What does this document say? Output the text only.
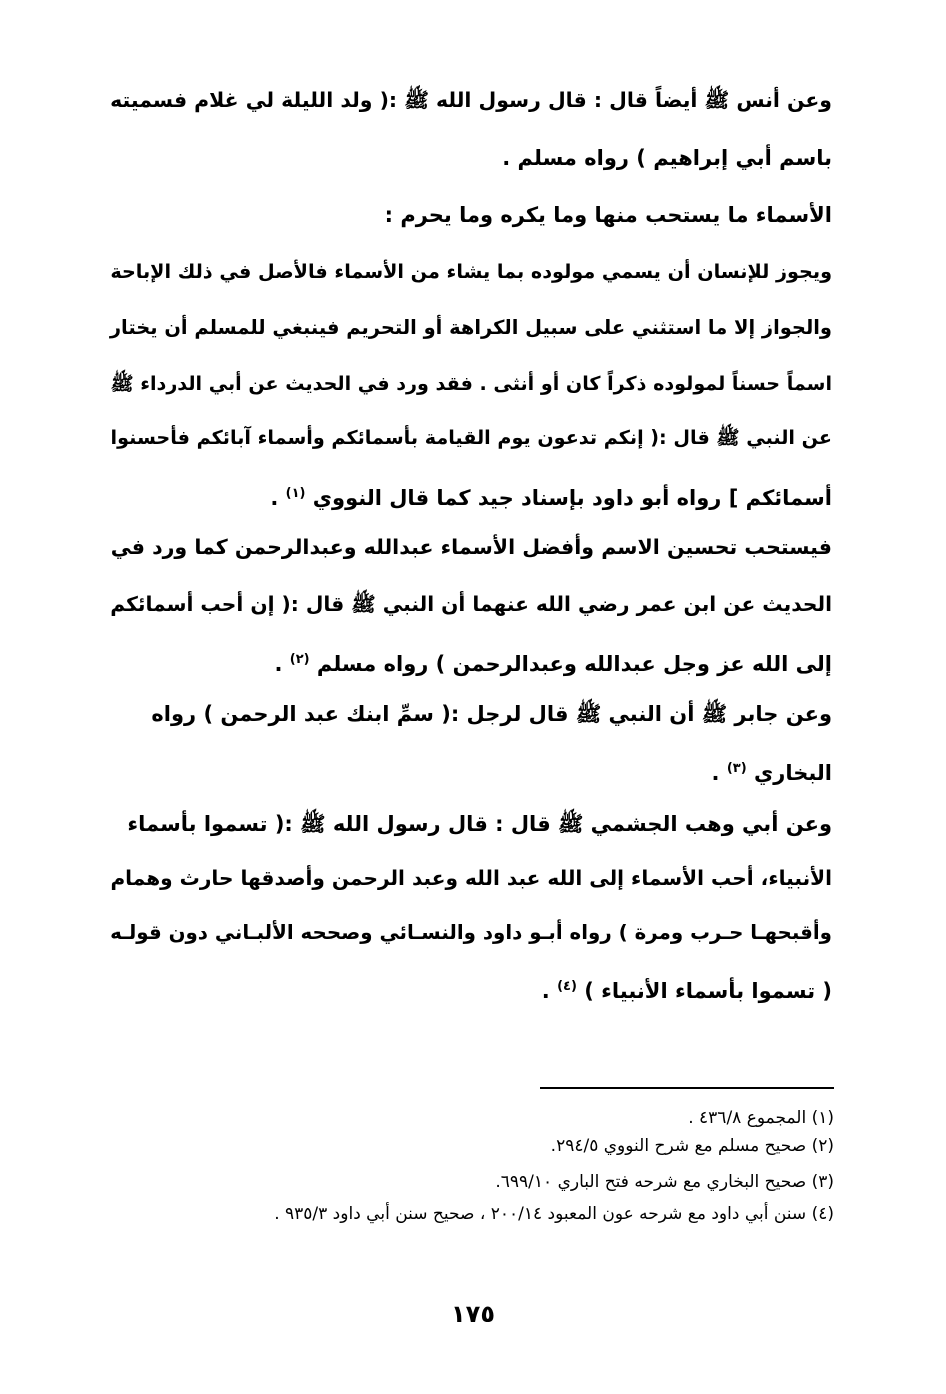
وعن أنس ﷺ أيضاً قال : قال رسول الله ﷺ :( ولد الليلة لي غلام فسميته
باسم أبي إبراهيم ) رواه مسلم .
الأسماء ما يستحب منها وما يكره وما يحرم :
ويجوز للإنسان أن يسمي مولوده بما يشاء من الأسماء فالأصل في ذلك الإباحة
والجواز إلا ما استثني على سبيل الكراهة أو التحريم فينبغي للمسلم أن يختار
اسماً حسناً لمولوده ذكراً كان أو أنثى . فقد ورد في الحديث عن أبي الدرداء ﷺ
عن النبي ﷺ قال :( إنكم تدعون يوم القيامة بأسمائكم وأسماء آبائكم فأحسنوا
أسمائكم ] رواه أبو داود بإسناد جيد كما قال النووي $^{(١)}$ .
فيستحب تحسين الاسم وأفضل الأسماء عبدالله وعبدالرحمن كما ورد في
الحديث عن ابن عمر رضي الله عنهما أن النبي ﷺ قال :( إن أحب أسمائكم
إلى الله عز وجل عبدالله وعبدالرحمن ) رواه مسلم $^{(٢)}$ .
وعن جابر ﷺ أن النبي ﷺ قال لرجل :( سمِّ ابنك عبد الرحمن ) رواه
البخاري $^{(٣)}$ .
وعن أبي وهب الجشمي ﷺ قال : قال رسول الله ﷺ :( تسموا بأسماء
الأنبياء، أحب الأسماء إلى الله عبد الله وعبد الرحمن وأصدقها حارث وهمام
وأقبحهـا حـرب ومرة ) رواه أبـو داود والنسـائي وصححه الألبـاني دون قولـه
( تسموا بأسماء الأنبياء ) $^{(٤)}$ .
(١) المجموع ٤٣٦/٨ .
(٢) صحيح مسلم مع شرح النووي ٢٩٤/٥.
(٣) صحيح البخاري مع شرحه فتح الباري ٦٩٩/١٠.
(٤) سنن أبي داود مع شرحه عون المعبود ٢٠٠/١٤ ، صحيح سنن أبي داود ٩٣٥/٣ .
١٧٥
